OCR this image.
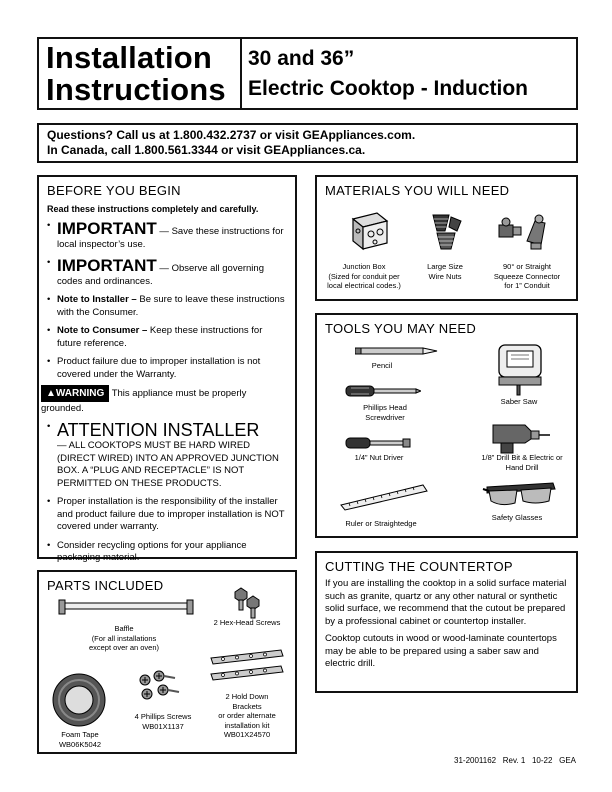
Installation
Instructions
30 and 36”
Electric Cooktop - Induction
Questions? Call us at 1.800.432.2737 or visit GEAppliances.com.
In Canada, call 1.800.561.3344 or visit GEAppliances.ca.
BEFORE YOU BEGIN
Read these instructions completely and carefully.
• IMPORTANT — Save these instructions for local inspector’s use.
• IMPORTANT — Observe all governing codes and ordinances.
• Note to Installer – Be sure to leave these instructions with the Consumer.
• Note to Consumer – Keep these instructions for future reference.
• Product failure due to improper installation is not covered under the Warranty.
▲WARNING This appliance must be properly grounded.
• ATTENTION INSTALLER
— ALL COOKTOPS MUST BE HARD WIRED (DIRECT WIRED) INTO AN APPROVED JUNCTION BOX. A “PLUG AND RECEPTACLE” IS NOT PERMITTED ON THESE PRODUCTS.
• Proper installation is the responsibility of the installer and product failure due to improper installation is NOT covered under warranty.
• Consider recycling options for your appliance packaging material.
MATERIALS YOU WILL NEED
Junction Box
(Sized for conduit per
local electrical codes.)
Large Size
Wire Nuts
90° or Straight
Squeeze Connector
for 1” Conduit
TOOLS YOU MAY NEED
Pencil
Phillips Head
Screwdriver
Saber Saw
1/4” Nut Driver	1/8” Drill Bit & Electric or
Hand Drill
Ruler or Straightedge
Safety Glasses
PARTS INCLUDED
Baffle
(For all installations
except over an oven)
2 Hex-Head Screws
Foam Tape
WB06K5042
4 Phillips Screws
WB01X1137
2 Hold Down
Brackets
or order alternate
installation kit
WB01X24570
CUTTING THE COUNTERTOP
If you are installing the cooktop in a solid surface material such as granite, quartz or any other natural or synthetic solid surface, we recommend that the cutout be prepared by a professional cabinet or countertop installer.
Cooktop cutouts in wood or wood-laminate countertops may be able to be prepared using a saber saw and electric drill.
31-2001162   Rev. 1   10-22   GEA
